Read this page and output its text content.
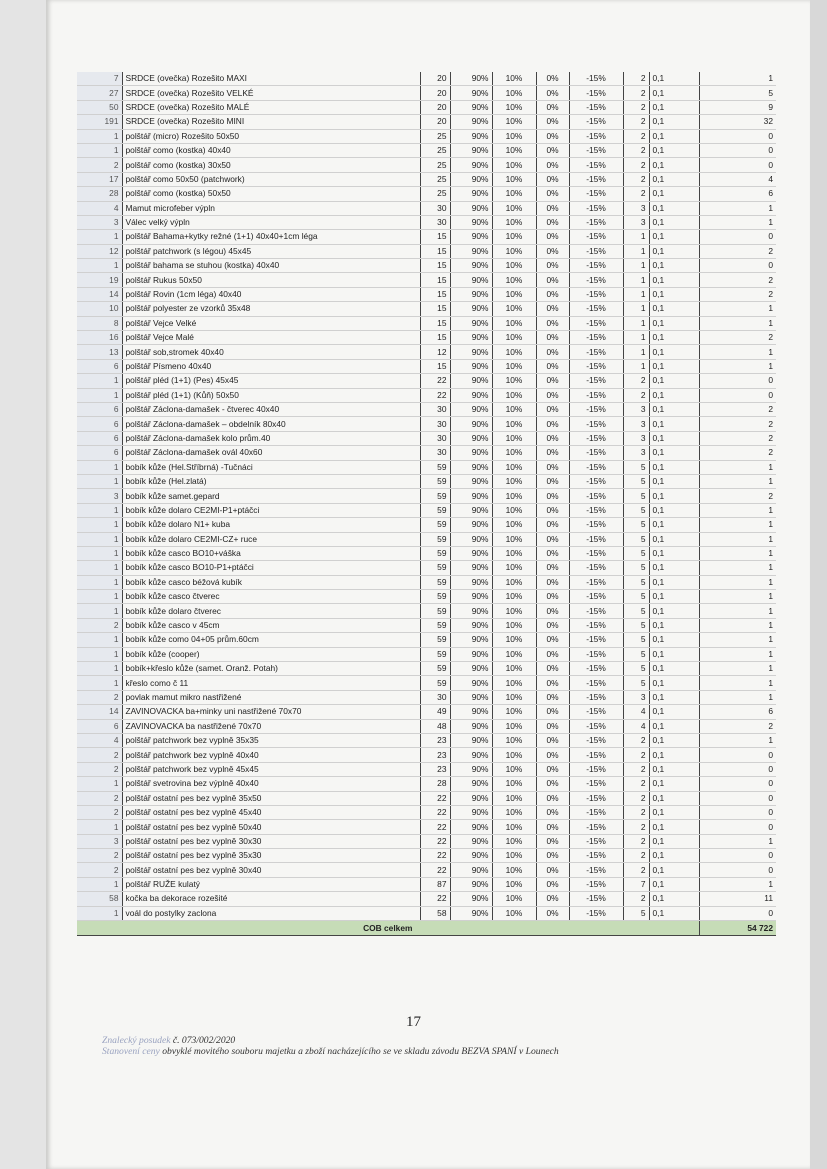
7	SRDCE (ovečka) Rozešito MAXI	20	90%	10%	0%	-15%	2	0,1	1
27	SRDCE (ovečka) Rozešito VELKÉ	20	90%	10%	0%	-15%	2	0,1	5
50	SRDCE (ovečka) Rozešito MALÉ	20	90%	10%	0%	-15%	2	0,1	9
191	SRDCE (ovečka) Rozešito MINI	20	90%	10%	0%	-15%	2	0,1	32
1	polštář (micro) Rozešito 50x50	25	90%	10%	0%	-15%	2	0,1	0
1	polštář como (kostka) 40x40	25	90%	10%	0%	-15%	2	0,1	0
2	polštář como (kostka) 30x50	25	90%	10%	0%	-15%	2	0,1	0
17	polštář como 50x50 (patchwork)	25	90%	10%	0%	-15%	2	0,1	4
28	polštář como (kostka) 50x50	25	90%	10%	0%	-15%	2	0,1	6
4	Mamut microfeber výpln	30	90%	10%	0%	-15%	3	0,1	1
3	Válec velký výpln	30	90%	10%	0%	-15%	3	0,1	1
1	polštář Bahama+kytky režné (1+1) 40x40+1cm léga	15	90%	10%	0%	-15%	1	0,1	0
12	polštář patchwork (s légou) 45x45	15	90%	10%	0%	-15%	1	0,1	2
1	polštář bahama se stuhou (kostka) 40x40	15	90%	10%	0%	-15%	1	0,1	0
19	polštář Rukus 50x50	15	90%	10%	0%	-15%	1	0,1	2
14	polštář Rovin (1cm léga) 40x40	15	90%	10%	0%	-15%	1	0,1	2
10	polštář polyester ze vzorků 35x48	15	90%	10%	0%	-15%	1	0,1	1
8	polštář Vejce Velké	15	90%	10%	0%	-15%	1	0,1	1
16	polštář Vejce Malé	15	90%	10%	0%	-15%	1	0,1	2
13	polštář sob,stromek 40x40	12	90%	10%	0%	-15%	1	0,1	1
6	polštář Písmeno 40x40	15	90%	10%	0%	-15%	1	0,1	1
1	polštář pléd (1+1) (Pes) 45x45	22	90%	10%	0%	-15%	2	0,1	0
1	polštář pléd (1+1) (Kůň) 50x50	22	90%	10%	0%	-15%	2	0,1	0
6	polštář Záclona-damašek - čtverec 40x40	30	90%	10%	0%	-15%	3	0,1	2
6	polštář Záclona-damašek – obdelník 80x40	30	90%	10%	0%	-15%	3	0,1	2
6	polštář Záclona-damašek kolo prům.40	30	90%	10%	0%	-15%	3	0,1	2
6	polštář Záclona-damašek ovál 40x60	30	90%	10%	0%	-15%	3	0,1	2
1	bobík kůže (Hel.Stříbrná) -Tučnáci	59	90%	10%	0%	-15%	5	0,1	1
1	bobík kůže (Hel.zlatá)	59	90%	10%	0%	-15%	5	0,1	1
3	bobík kůže samet.gepard	59	90%	10%	0%	-15%	5	0,1	2
1	bobík kůže dolaro CE2MI-P1+ptáčci	59	90%	10%	0%	-15%	5	0,1	1
1	bobík kůže dolaro N1+ kuba	59	90%	10%	0%	-15%	5	0,1	1
1	bobík kůže dolaro CE2MI-CZ+ ruce	59	90%	10%	0%	-15%	5	0,1	1
1	bobík kůže casco BO10+váška	59	90%	10%	0%	-15%	5	0,1	1
1	bobík kůže casco BO10-P1+ptáčci	59	90%	10%	0%	-15%	5	0,1	1
1	bobík kůže casco béžová kubík	59	90%	10%	0%	-15%	5	0,1	1
1	bobík kůže casco čtverec	59	90%	10%	0%	-15%	5	0,1	1
1	bobík kůže dolaro čtverec	59	90%	10%	0%	-15%	5	0,1	1
2	bobík kůže casco v 45cm	59	90%	10%	0%	-15%	5	0,1	1
1	bobík kůže como 04+05 prům.60cm	59	90%	10%	0%	-15%	5	0,1	1
1	bobík kůže (cooper)	59	90%	10%	0%	-15%	5	0,1	1
1	bobík+křeslo kůže (samet. Oranž. Potah)	59	90%	10%	0%	-15%	5	0,1	1
1	křeslo como č 11	59	90%	10%	0%	-15%	5	0,1	1
2	povlak mamut mikro nastřižené	30	90%	10%	0%	-15%	3	0,1	1
14	ZAVINOVACKA ba+minky uni nastřižené 70x70	49	90%	10%	0%	-15%	4	0,1	6
6	ZAVINOVACKA ba nastřižené 70x70	48	90%	10%	0%	-15%	4	0,1	2
4	polštář patchwork bez vyplně 35x35	23	90%	10%	0%	-15%	2	0,1	1
2	polštář patchwork bez vyplně 40x40	23	90%	10%	0%	-15%	2	0,1	0
2	polštář patchwork bez vyplně 45x45	23	90%	10%	0%	-15%	2	0,1	0
1	polštář svetrovina bez výplně 40x40	28	90%	10%	0%	-15%	2	0,1	0
2	polštář ostatní pes bez vyplně 35x50	22	90%	10%	0%	-15%	2	0,1	0
2	polštář ostatní pes bez vyplně 45x40	22	90%	10%	0%	-15%	2	0,1	0
1	polštář ostatní pes bez vyplně 50x40	22	90%	10%	0%	-15%	2	0,1	0
3	polštář ostatní pes bez vyplně 30x30	22	90%	10%	0%	-15%	2	0,1	1
2	polštář ostatní pes bez vyplně 35x30	22	90%	10%	0%	-15%	2	0,1	0
2	polštář ostatní pes bez vyplně 30x40	22	90%	10%	0%	-15%	2	0,1	0
1	polštář RUŽE kulatý	87	90%	10%	0%	-15%	7	0,1	1
58	kočka ba dekorace rozešité	22	90%	10%	0%	-15%	2	0,1	11
1	voál do postylky zaclona	58	90%	10%	0%	-15%	5	0,1	0
COB celkem									54 722
17
Znalecký posudek č. 073/002/2020
Stanovení ceny obvyklé movitého souboru majetku a zboží nacházejícího se ve skladu závodu BEZVA SPANÍ v Lounech
